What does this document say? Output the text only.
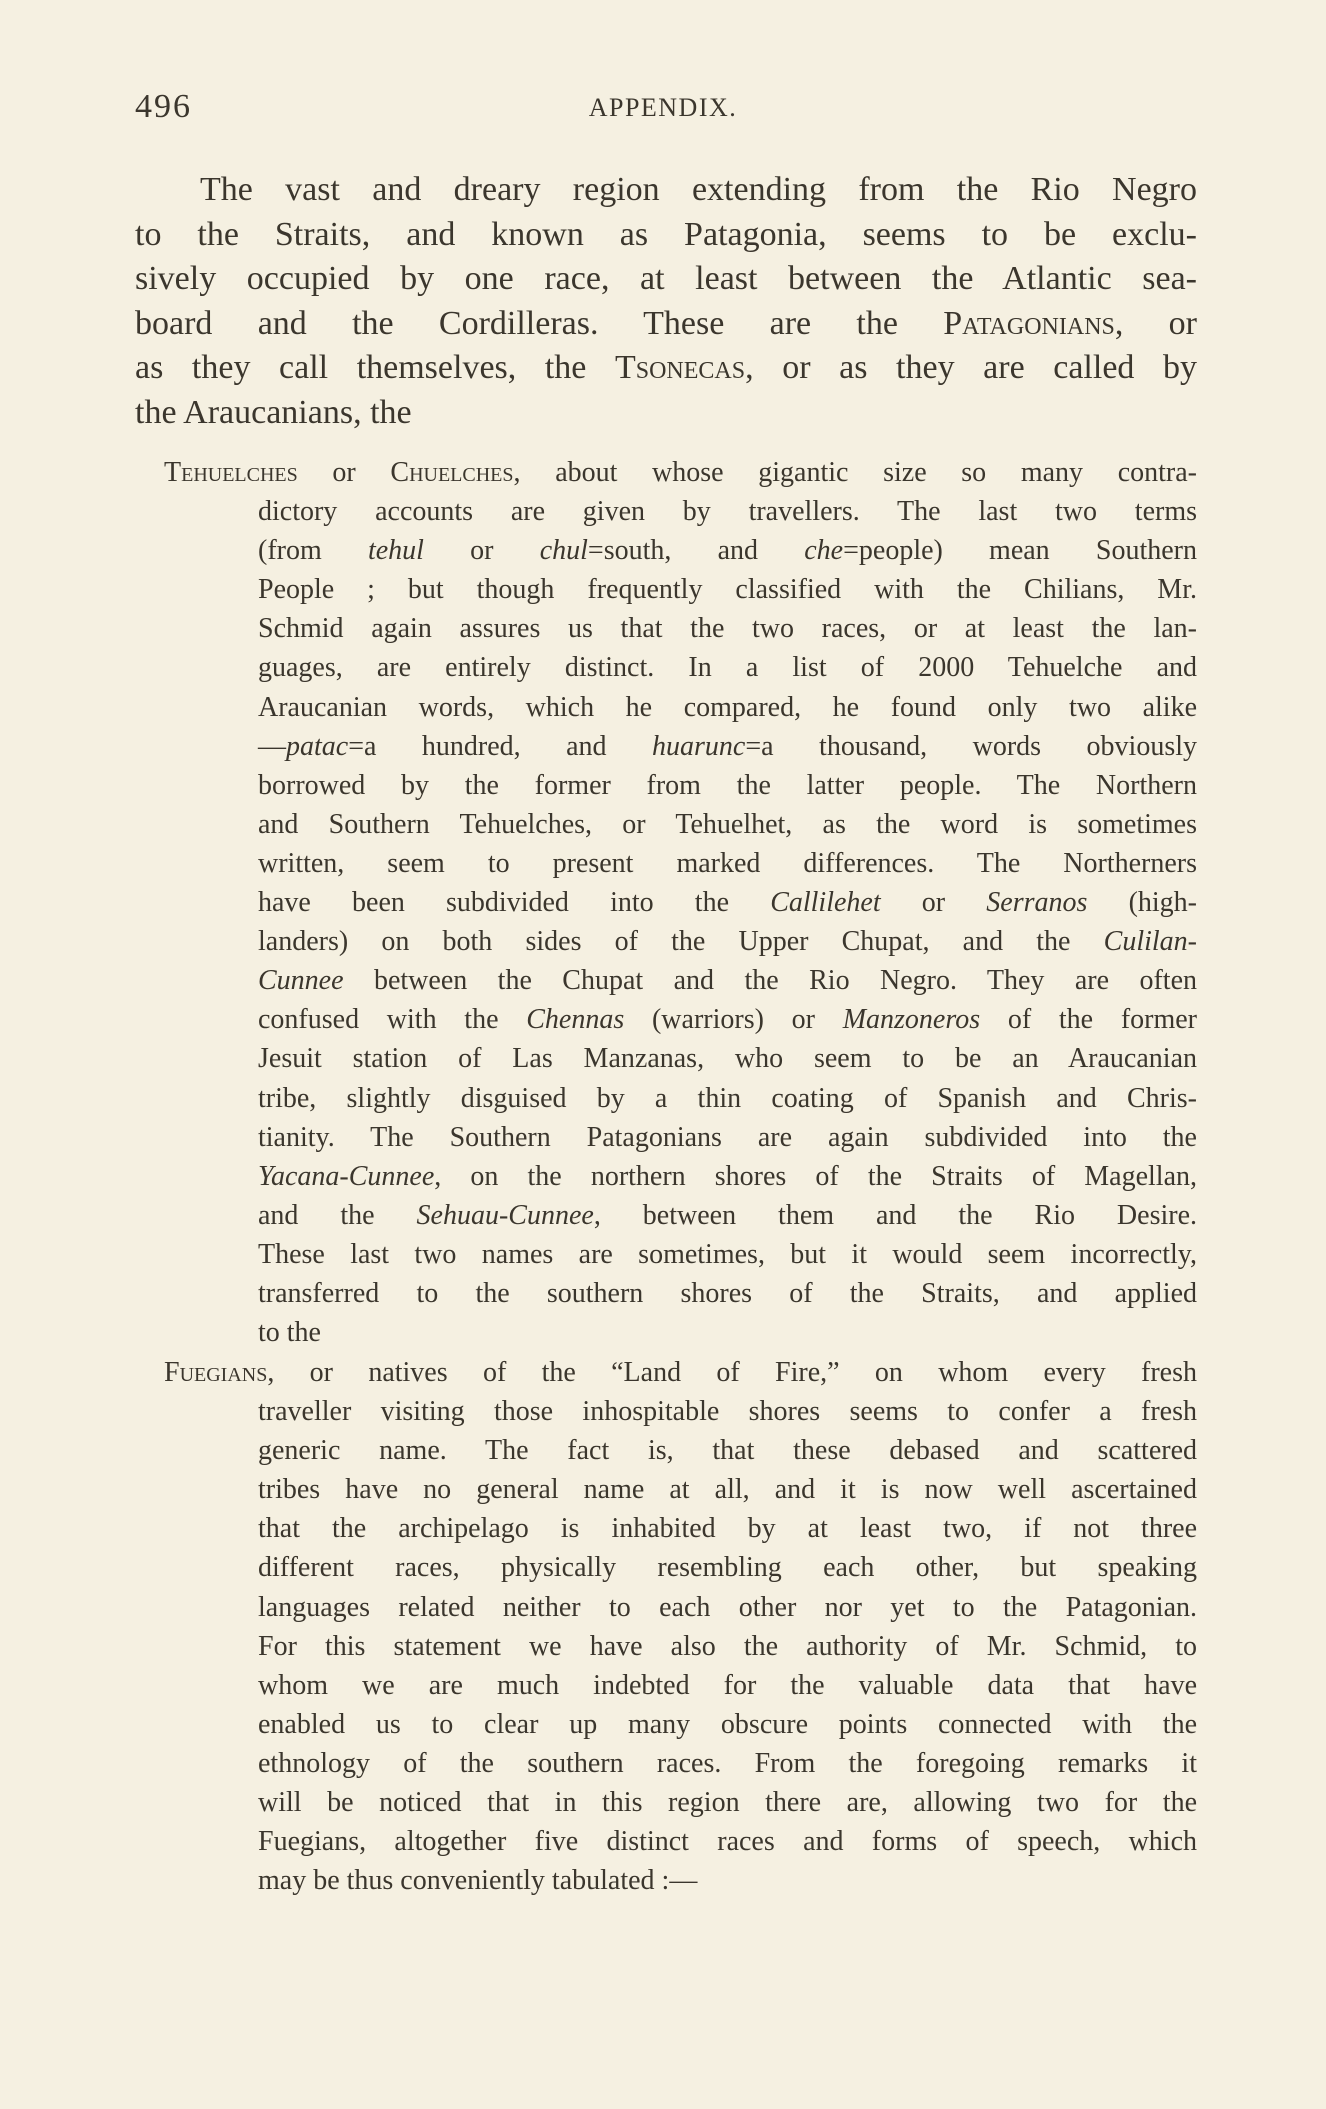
496	APPENDIX.
The vast and dreary region extending from the Rio Negro
to the Straits, and known as Patagonia, seems to be exclu-
sively occupied by one race, at least between the Atlantic sea-
board and the Cordilleras. These are the Patagonians, or
as they call themselves, the Tsonecas, or as they are called by
the Araucanians, the
Tehuelches or Chuelches, about whose gigantic size so many contra-
dictory accounts are given by travellers. The last two terms
(from tehul or chul=south, and che=people) mean Southern
People ; but though frequently classified with the Chilians, Mr.
Schmid again assures us that the two races, or at least the lan-
guages, are entirely distinct. In a list of 2000 Tehuelche and
Araucanian words, which he compared, he found only two alike
—patac=a hundred, and huarunc=a thousand, words obviously
borrowed by the former from the latter people. The Northern
and Southern Tehuelches, or Tehuelhet, as the word is sometimes
written, seem to present marked differences. The Northerners
have been subdivided into the Callilehet or Serranos (high-
landers) on both sides of the Upper Chupat, and the Culilan-
Cunnee between the Chupat and the Rio Negro. They are often
confused with the Chennas (warriors) or Manzoneros of the former
Jesuit station of Las Manzanas, who seem to be an Araucanian
tribe, slightly disguised by a thin coating of Spanish and Chris-
tianity. The Southern Patagonians are again subdivided into the
Yacana-Cunnee, on the northern shores of the Straits of Magellan,
and the Sehuau-Cunnee, between them and the Rio Desire.
These last two names are sometimes, but it would seem incorrectly,
transferred to the southern shores of the Straits, and applied
to the
Fuegians, or natives of the “Land of Fire,” on whom every fresh
traveller visiting those inhospitable shores seems to confer a fresh
generic name. The fact is, that these debased and scattered
tribes have no general name at all, and it is now well ascertained
that the archipelago is inhabited by at least two, if not three
different races, physically resembling each other, but speaking
languages related neither to each other nor yet to the Patagonian.
For this statement we have also the authority of Mr. Schmid, to
whom we are much indebted for the valuable data that have
enabled us to clear up many obscure points connected with the
ethnology of the southern races. From the foregoing remarks it
will be noticed that in this region there are, allowing two for the
Fuegians, altogether five distinct races and forms of speech, which
may be thus conveniently tabulated :—
